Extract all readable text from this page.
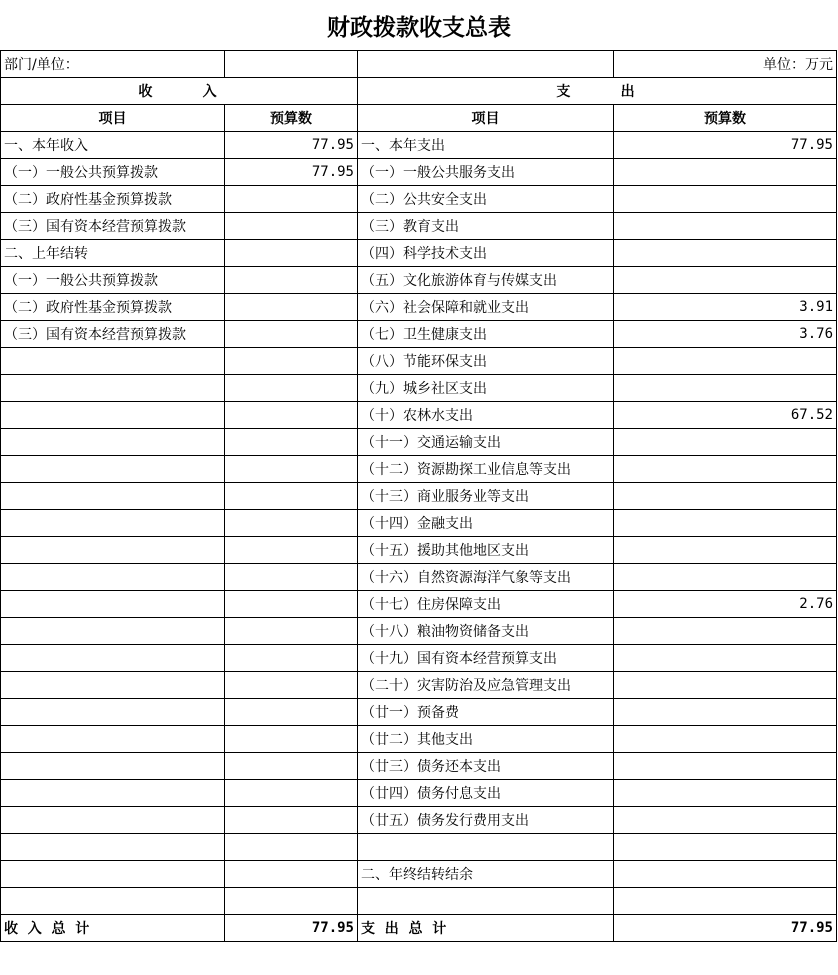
财政拨款收支总表
部门/单位：			单位：万元
收      入		支      出	
项目	预算数	项目	预算数
一、本年收入	77.95	一、本年支出	77.95
（一）一般公共预算拨款	77.95	（一）一般公共服务支出	
（二）政府性基金预算拨款		（二）公共安全支出	
（三）国有资本经营预算拨款		（三）教育支出	
二、上年结转		（四）科学技术支出	
（一）一般公共预算拨款		（五）文化旅游体育与传媒支出	
（二）政府性基金预算拨款		（六）社会保障和就业支出	3.91
（三）国有资本经营预算拨款		（七）卫生健康支出	3.76
		（八）节能环保支出	
		（九）城乡社区支出	
		（十）农林水支出	67.52
		（十一）交通运输支出	
		（十二）资源勘探工业信息等支出	
		（十三）商业服务业等支出	
		（十四）金融支出	
		（十五）援助其他地区支出	
		（十六）自然资源海洋气象等支出	
		（十七）住房保障支出	2.76
		（十八）粮油物资储备支出	
		（十九）国有资本经营预算支出	
		（二十）灾害防治及应急管理支出	
		（廿一）预备费	
		（廿二）其他支出	
		（廿三）债务还本支出	
		（廿四）债务付息支出	
		（廿五）债务发行费用支出	

		二、年终结转结余	

收  入  总  计	77.95	支  出  总  计	77.95
